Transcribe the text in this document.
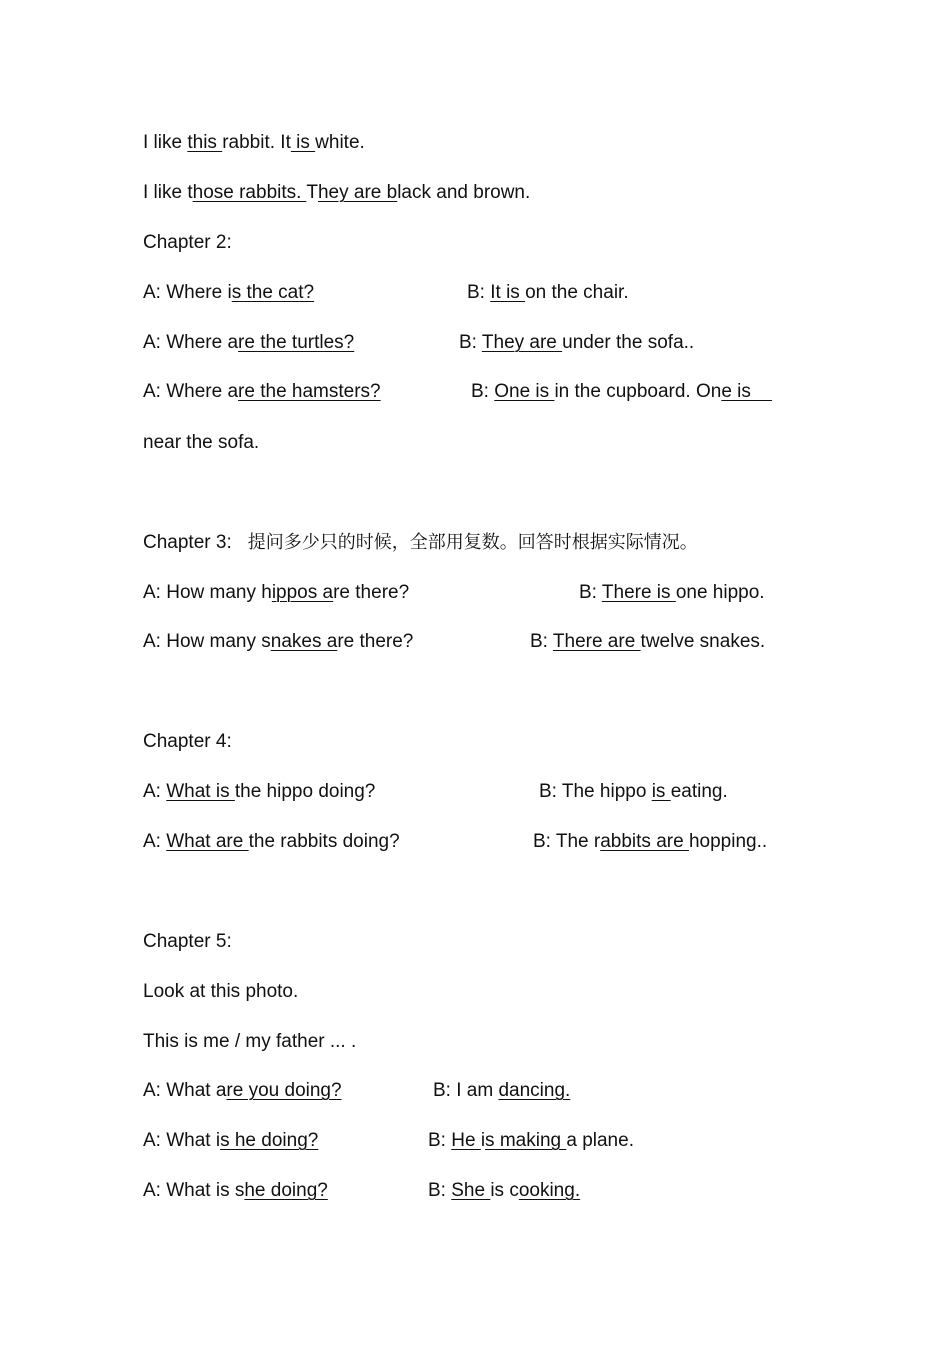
I like this rabbit. It is white.
I like those rabbits. They are black and brown.
Chapter 2:
A: Where is the cat?	B: It is on the chair.
A: Where are the turtles?	B: They are under the sofa..
A: Where are the hamsters?	B: One is in the cupboard. One is
near the sofa.
Chapter 3: 提问多少只的时候，全部用复数。回答时根据实际情况。
A: How many hippos are there?	B: There is one hippo.
A: How many snakes are there?	B: There are twelve snakes.
Chapter 4:
A: What is the hippo doing?	B: The hippo is eating.
A: What are the rabbits doing?	B: The rabbits are hopping..
Chapter 5:
Look at this photo.
This is me / my father ... .
A: What are you doing?	B: I am dancing.
A: What is he doing?	B: He is making a plane.
A: What is she doing?	B: She is cooking.
